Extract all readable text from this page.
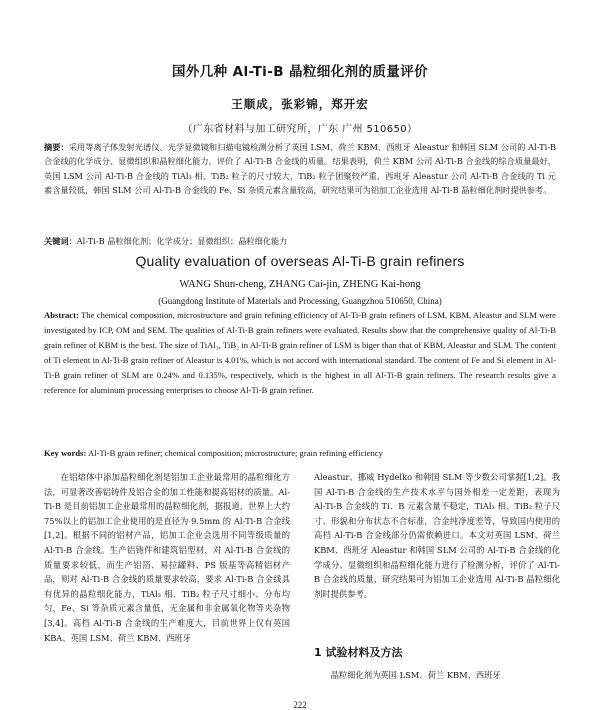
国外几种 Al-Ti-B 晶粒细化剂的质量评价
王顺成，张彩锦，郑开宏
（广东省材料与加工研究所，广东 广州 510650）
摘要：采用等离子体发射光谱仪、光学显微镜和扫描电镜检测分析了英国 LSM、荷兰 KBM、西班牙 Aleastur 和韩国 SLM 公司的 Al-Ti-B 合金线的化学成分、显微组织和晶粒细化能力，评价了 Al-Ti-B 合金线的质量。结果表明，荷兰 KBM 公司 Al-Ti-B 合金线的综合质量最好，英国 LSM 公司 Al-Ti-B 合金线的 TiAl₃ 相、TiB₂ 粒子的尺寸较大，TiB₂ 粒子团聚较严重，西班牙 Aleastur 公司 Al-Ti-B 合金线的 Ti 元素含量较低，韩国 SLM 公司 Al-Ti-B 合金线的 Fe、Si 杂质元素含量较高，研究结果可为铝加工企业选用 Al-Ti-B 晶粒细化剂时提供参考。
关键词：Al-Ti-B 晶粒细化剂；化学成分；显微组织；晶粒细化能力
Quality evaluation of overseas Al-Ti-B grain refiners
WANG Shun-cheng, ZHANG Cai-jin, ZHENG Kai-hong
(Guangdong Institute of Materials and Processing, Guangzhou 510650, China)
Abstract: The chemical composition, microstructure and grain refining efficiency of Al-Ti-B grain refiners of LSM, KBM, Aleastur and SLM were investigated by ICP, OM and SEM. The qualities of Al-Ti-B grain refiners were evaluated. Results show that the comprehensive quality of Al-Ti-B grain refiner of KBM is the best. The size of TiAl₃, TiB₂ in Al-Ti-B grain refiner of LSM is biger than that of KBM, Aleastur and SLM. The content of Ti element in Al-Ti-B grain refiner of Aleastur is 4.01%, which is not accord with international standard. The content of Fe and Si element in Al-Ti-B grain refiner of SLM are 0.24% and 0.135%, respectively, which is the highest in all Al-Ti-B grain refiners. The research results give a reference for aluminum processing enterprises to choose Al-Ti-B grain refiner.
Key words: Al-Ti-B grain refiner; chemical composition; microstructure; grain refining efficiency

在铝熔体中添加晶粒细化剂是铝加工企业最常用的晶粒细化方法，可显著改善铝铸件及铝合金的加工性能和提高铝材的质量。Al-Ti-B 是目前铝加工企业最常用的晶粒细化剂，据报道，世界上大约 75%以上的铝加工企业使用的是直径为 9.5mm 的 Al-Ti-B 合金线[1,2]。根据不同的铝材产品，铝加工企业会选用不同等级质量的 Al-Ti-B 合金线。生产铝铸件和建筑铝型材，对 Al-Ti-B 合金线的质量要求较低，而生产铝箔、易拉罐料、PS 版基等高精铝材产品，则对 Al-Ti-B 合金线的质量要求较高，要求 Al-Ti-B 合金线具有优异的晶粒细化能力，TiAl₃ 相、TiB₂ 粒子尺寸细小、分布均匀，Fe、Si 等杂质元素含量低，无金属和非金属氧化物等夹杂物[3,4]。高档 Al-Ti-B 合金线的生产难度大，目前世界上仅有英国 KBA、英国 LSM、荷兰 KBM、西班牙

Aleastur、挪威 Hydelko 和韩国 SLM 等少数公司掌握[1,2]。我国 Al-Ti-B 合金线的生产技术水平与国外相差一定差距，表现为 Al-Ti-B 合金线的 Ti、B 元素含量不稳定，TiAl₃ 相、TiB₂ 粒子尺寸、形貌和分布状态不合标准，合金纯净度差等，导致国内使用的高档 Al-Ti-B 合金线部分仍需依赖进口。本文对英国 LSM、荷兰 KBM、西班牙 Aleastur 和韩国 SLM 公司的 Al-Ti-B 合金线的化学成分、显微组织和晶粒细化能力进行了检测分析，评价了 Al-Ti-B 合金线的质量，研究结果可为铝加工企业选用 Al-Ti-B 晶粒细化剂时提供参考。

1 试验材料及方法

晶粒细化剂为英国 LSM、荷兰 KBM、西班牙

222
